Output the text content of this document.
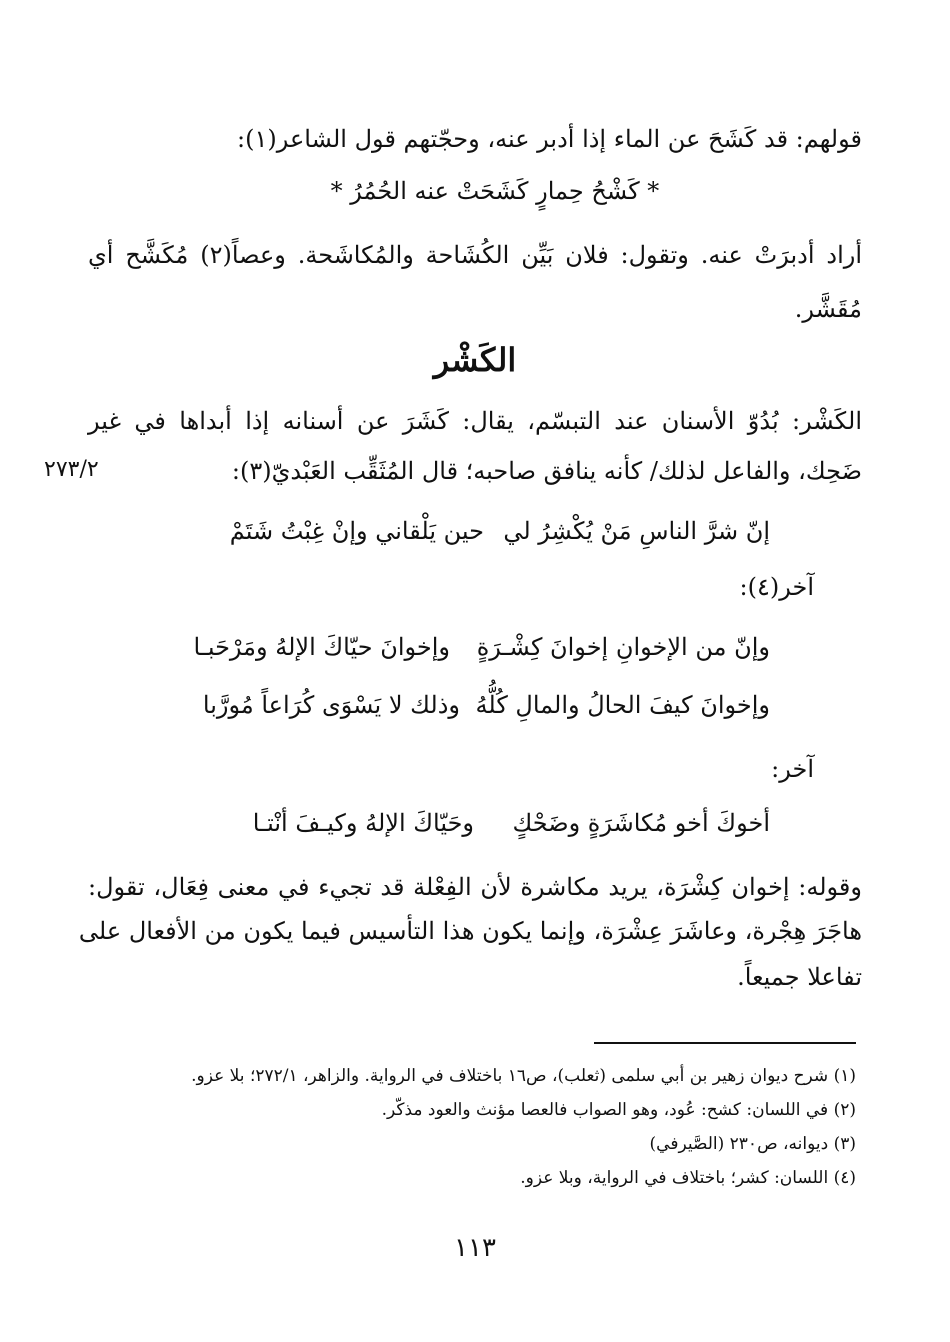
قولهم: قد كَشَحَ عن الماء إذا أدبر عنه، وحجّتهم قول الشاعر(١):
* كَشْحُ حِمارٍ كَشَحَتْ عنه الحُمُرُ *
أراد أدبرَتْ عنه. وتقول: فلان بَيِّن الكُشَاحة والمُكاشَحة. وعصاً(٢) مُكَشَّح أي
مُقَشَّر.
الكَشْر
الكَشْر: بُدُوّ الأسنان عند التبسّم، يقال: كَشَرَ عن أسنانه إذا أبداها في غير
ضَحِك، والفاعل لذلك/ كأنه ينافق صاحبه؛ قال المُثَقِّب العَبْديّ(٣):
٢٧٣/٢
إنّ شرَّ الناسِ مَنْ يُكْشِرُ لي
حين يَلْقاني وإنْ غِبْتُ شَتَمْ
آخر(٤):
وإنّ من الإخوانِ إخوانَ كِشْـرَةٍ
وإخوانَ حيّاكَ الإلهُ ومَرْحَبـا
وإخوانَ كيفَ الحالُ والمالِ كُلُّهُ
وذلك لا يَسْوَى كُرَاعاً مُورَّبا
آخر:
أخوكَ أخو مُكاشَرَةٍ وضَحْكٍ
وحَيّاكَ الإلهُ وكيـفَ أنْتـا
وقوله: إخوان كِشْرَة، يريد مكاشرة لأن الفِعْلة قد تجيء في معنى فِعَال، تقول:
هاجَرَ هِجْرة، وعاشَرَ عِشْرَة، وإنما يكون هذا التأسيس فيما يكون من الأفعال على
تفاعلا جميعاً.
(١) شرح ديوان زهير بن أبي سلمى (ثعلب)، ص١٦ باختلاف في الرواية. والزاهر، ٢٧٢/١؛ بلا عزو.
(٢) في اللسان: كشح: عُود، وهو الصواب فالعصا مؤنث والعود مذكّر.
(٣) ديوانه، ص٢٣٠ (الصَّيرفي)
(٤) اللسان: كشر؛ باختلاف في الرواية، وبلا عزو.
١١٣
